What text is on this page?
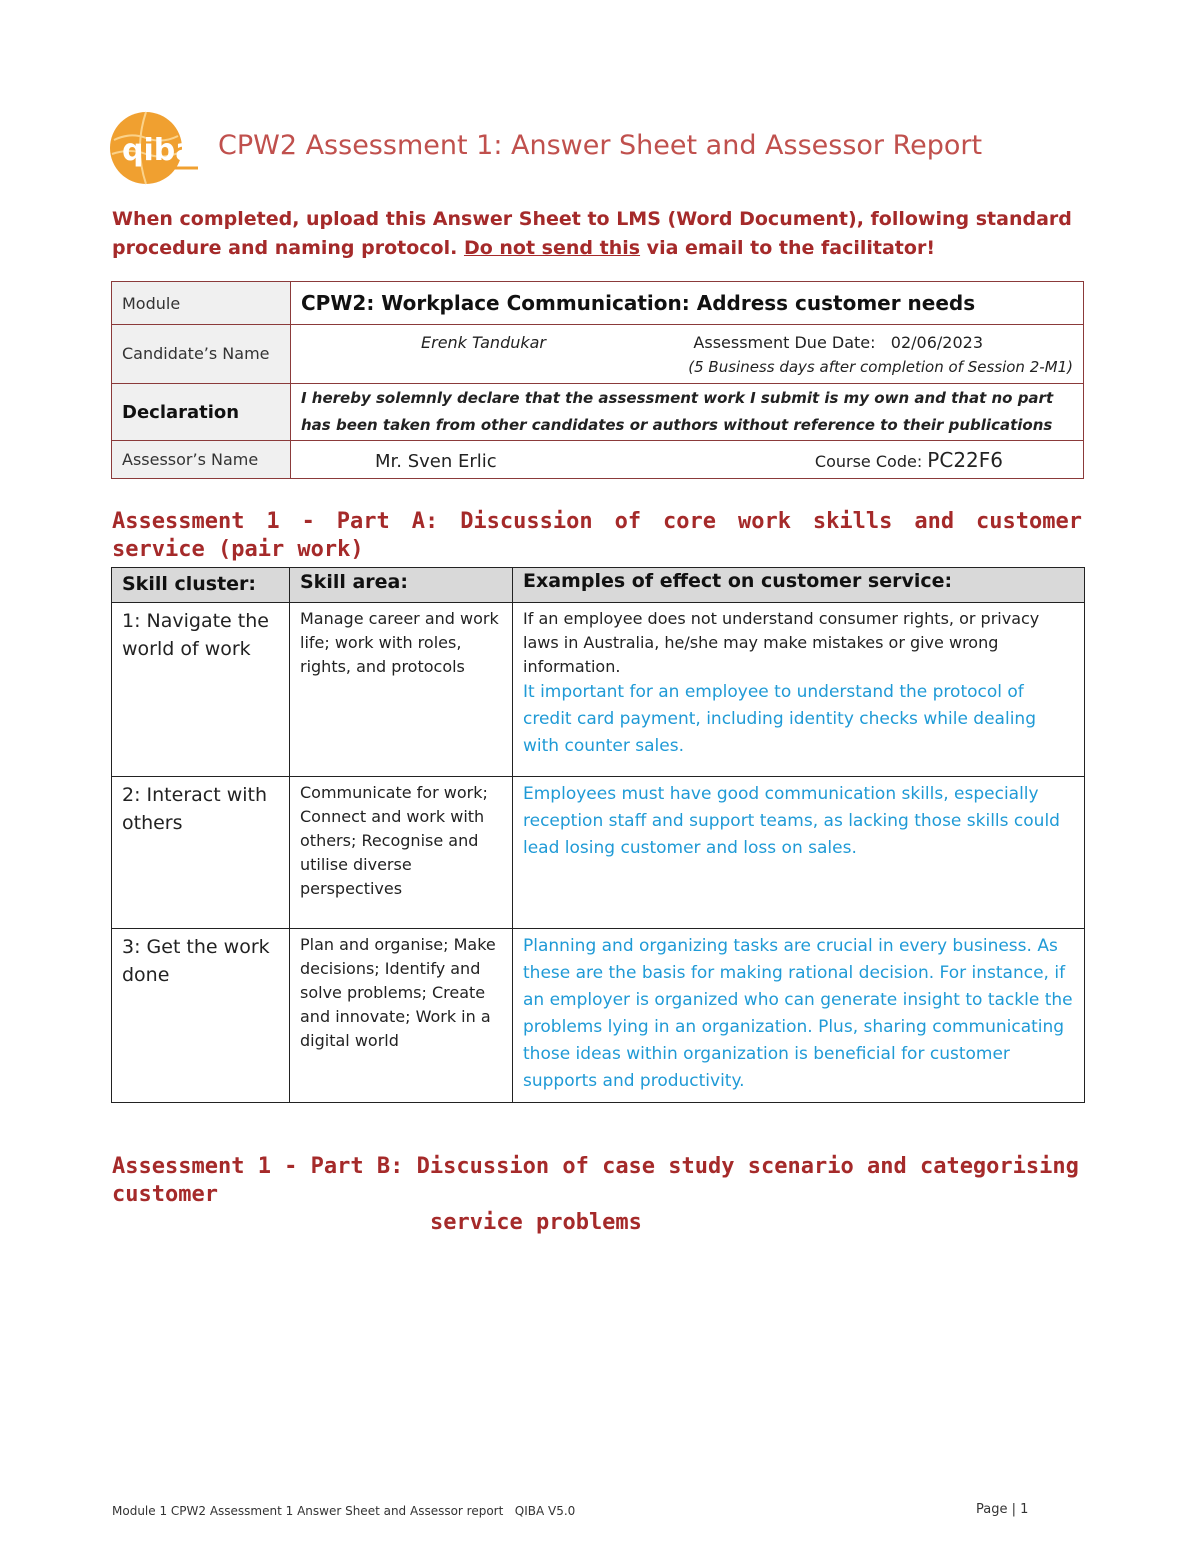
qiba CPW2 Assessment 1: Answer Sheet and Assessor Report
When completed, upload this Answer Sheet to LMS (Word Document), following standard procedure and naming protocol. Do not send this via email to the facilitator!
Module	CPW2: Workplace Communication: Address customer needs
Candidate’s Name	Erenk Tandukar Assessment Due Date: 02/06/2023
(5 Business days after completion of Session 2-M1)

Declaration	I hereby solemnly declare that the assessment work I submit is my own and that no part has been taken from other candidates or authors without reference to their publications

Assessor’s Name	Mr. Sven Erlic Course Code: PC22F6
Assessment 1 - Part A: Discussion of core work skills and customer service (pair work)
Skill cluster:	Skill area:	Examples of effect on customer service:
1: Navigate the world of work	Manage career and work life; work with roles, rights, and protocols	If an employee does not understand consumer rights, or privacy laws in Australia, he/she may make mistakes or give wrong information.
It important for an employee to understand the protocol of credit card payment, including identity checks while dealing with counter sales.

2: Interact with others	Communicate for work; Connect and work with others; Recognise and utilise diverse perspectives	Employees must have good communication skills, especially reception staff and support teams, as lacking those skills could lead losing customer and loss on sales.

3: Get the work done	Plan and organise; Make decisions; Identify and solve problems; Create and innovate; Work in a digital world	Planning and organizing tasks are crucial in every business. As these are the basis for making rational decision. For instance, if an employer is organized who can generate insight to tackle the problems lying in an organization. Plus, sharing communicating those ideas within organization is beneficial for customer supports and productivity.
Assessment 1 - Part B: Discussion of case study scenario and categorising customer
service problems
Module 1 CPW2 Assessment 1 Answer Sheet and Assessor report   QIBA V5.0	Page | 1
